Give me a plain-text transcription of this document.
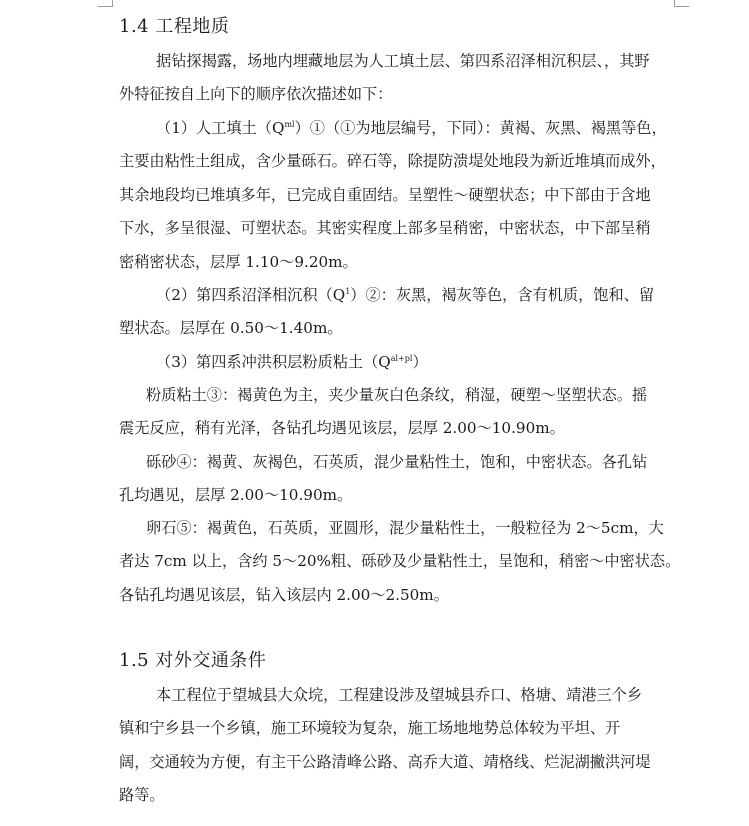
1.4 工程地质

据钻探揭露，场地内埋藏地层为人工填土层、第四系沼泽相沉积层、，其野

外特征按自上向下的顺序依次描述如下：

（1）人工填土$(Q^{ml})①(①$为地层编号，下同）：黄褐、灰黑、褐黑等色，

主要由粘性土组成，含少量砾石。碎石等，除提防溃堤处地段为新近堆填而成外，

其余地段均已堆填多年，已完成自重固结。呈塑性～硬塑状态；中下部由于含地

下水，多呈很湿、可塑状态。其密实程度上部多呈稍密，中密状态，中下部呈稍

密稍密状态，层厚 1.10～9.20m。

（2）第四系沼泽相沉积$(Q^1)②$：灰黑，褐灰等色，含有机质，饱和、留

塑状态。层厚在 0.50～1.40m。

（3）第四系冲洪积层粉质粘土$(Q^{al+pl})$

粉质粘土③：褐黄色为主，夹少量灰白色条纹，稍湿，硬塑～坚塑状态。摇

震无反应，稍有光泽，各钻孔均遇见该层，层厚 2.00～10.90m。

砾砂④：褐黄、灰褐色，石英质，混少量粘性土，饱和，中密状态。各孔钻

孔均遇见，层厚 2.00～10.90m。

卵石⑤：褐黄色，石英质，亚圆形，混少量粘性土，一般粒径为 2～5cm，大

者达 7cm 以上，含约 5～20%粗、砾砂及少量粘性土，呈饱和，稍密～中密状态。

各钻孔均遇见该层，钻入该层内 2.00～2.50m。

1.5 对外交通条件

本工程位于望城县大众垸，工程建设涉及望城县乔口、格塘、靖港三个乡

镇和宁乡县一个乡镇，施工环境较为复杂，施工场地地势总体较为平坦、开

阔，交通较为方便，有主干公路清峰公路、高乔大道、靖格线、烂泥湖撇洪河堤

路等。
